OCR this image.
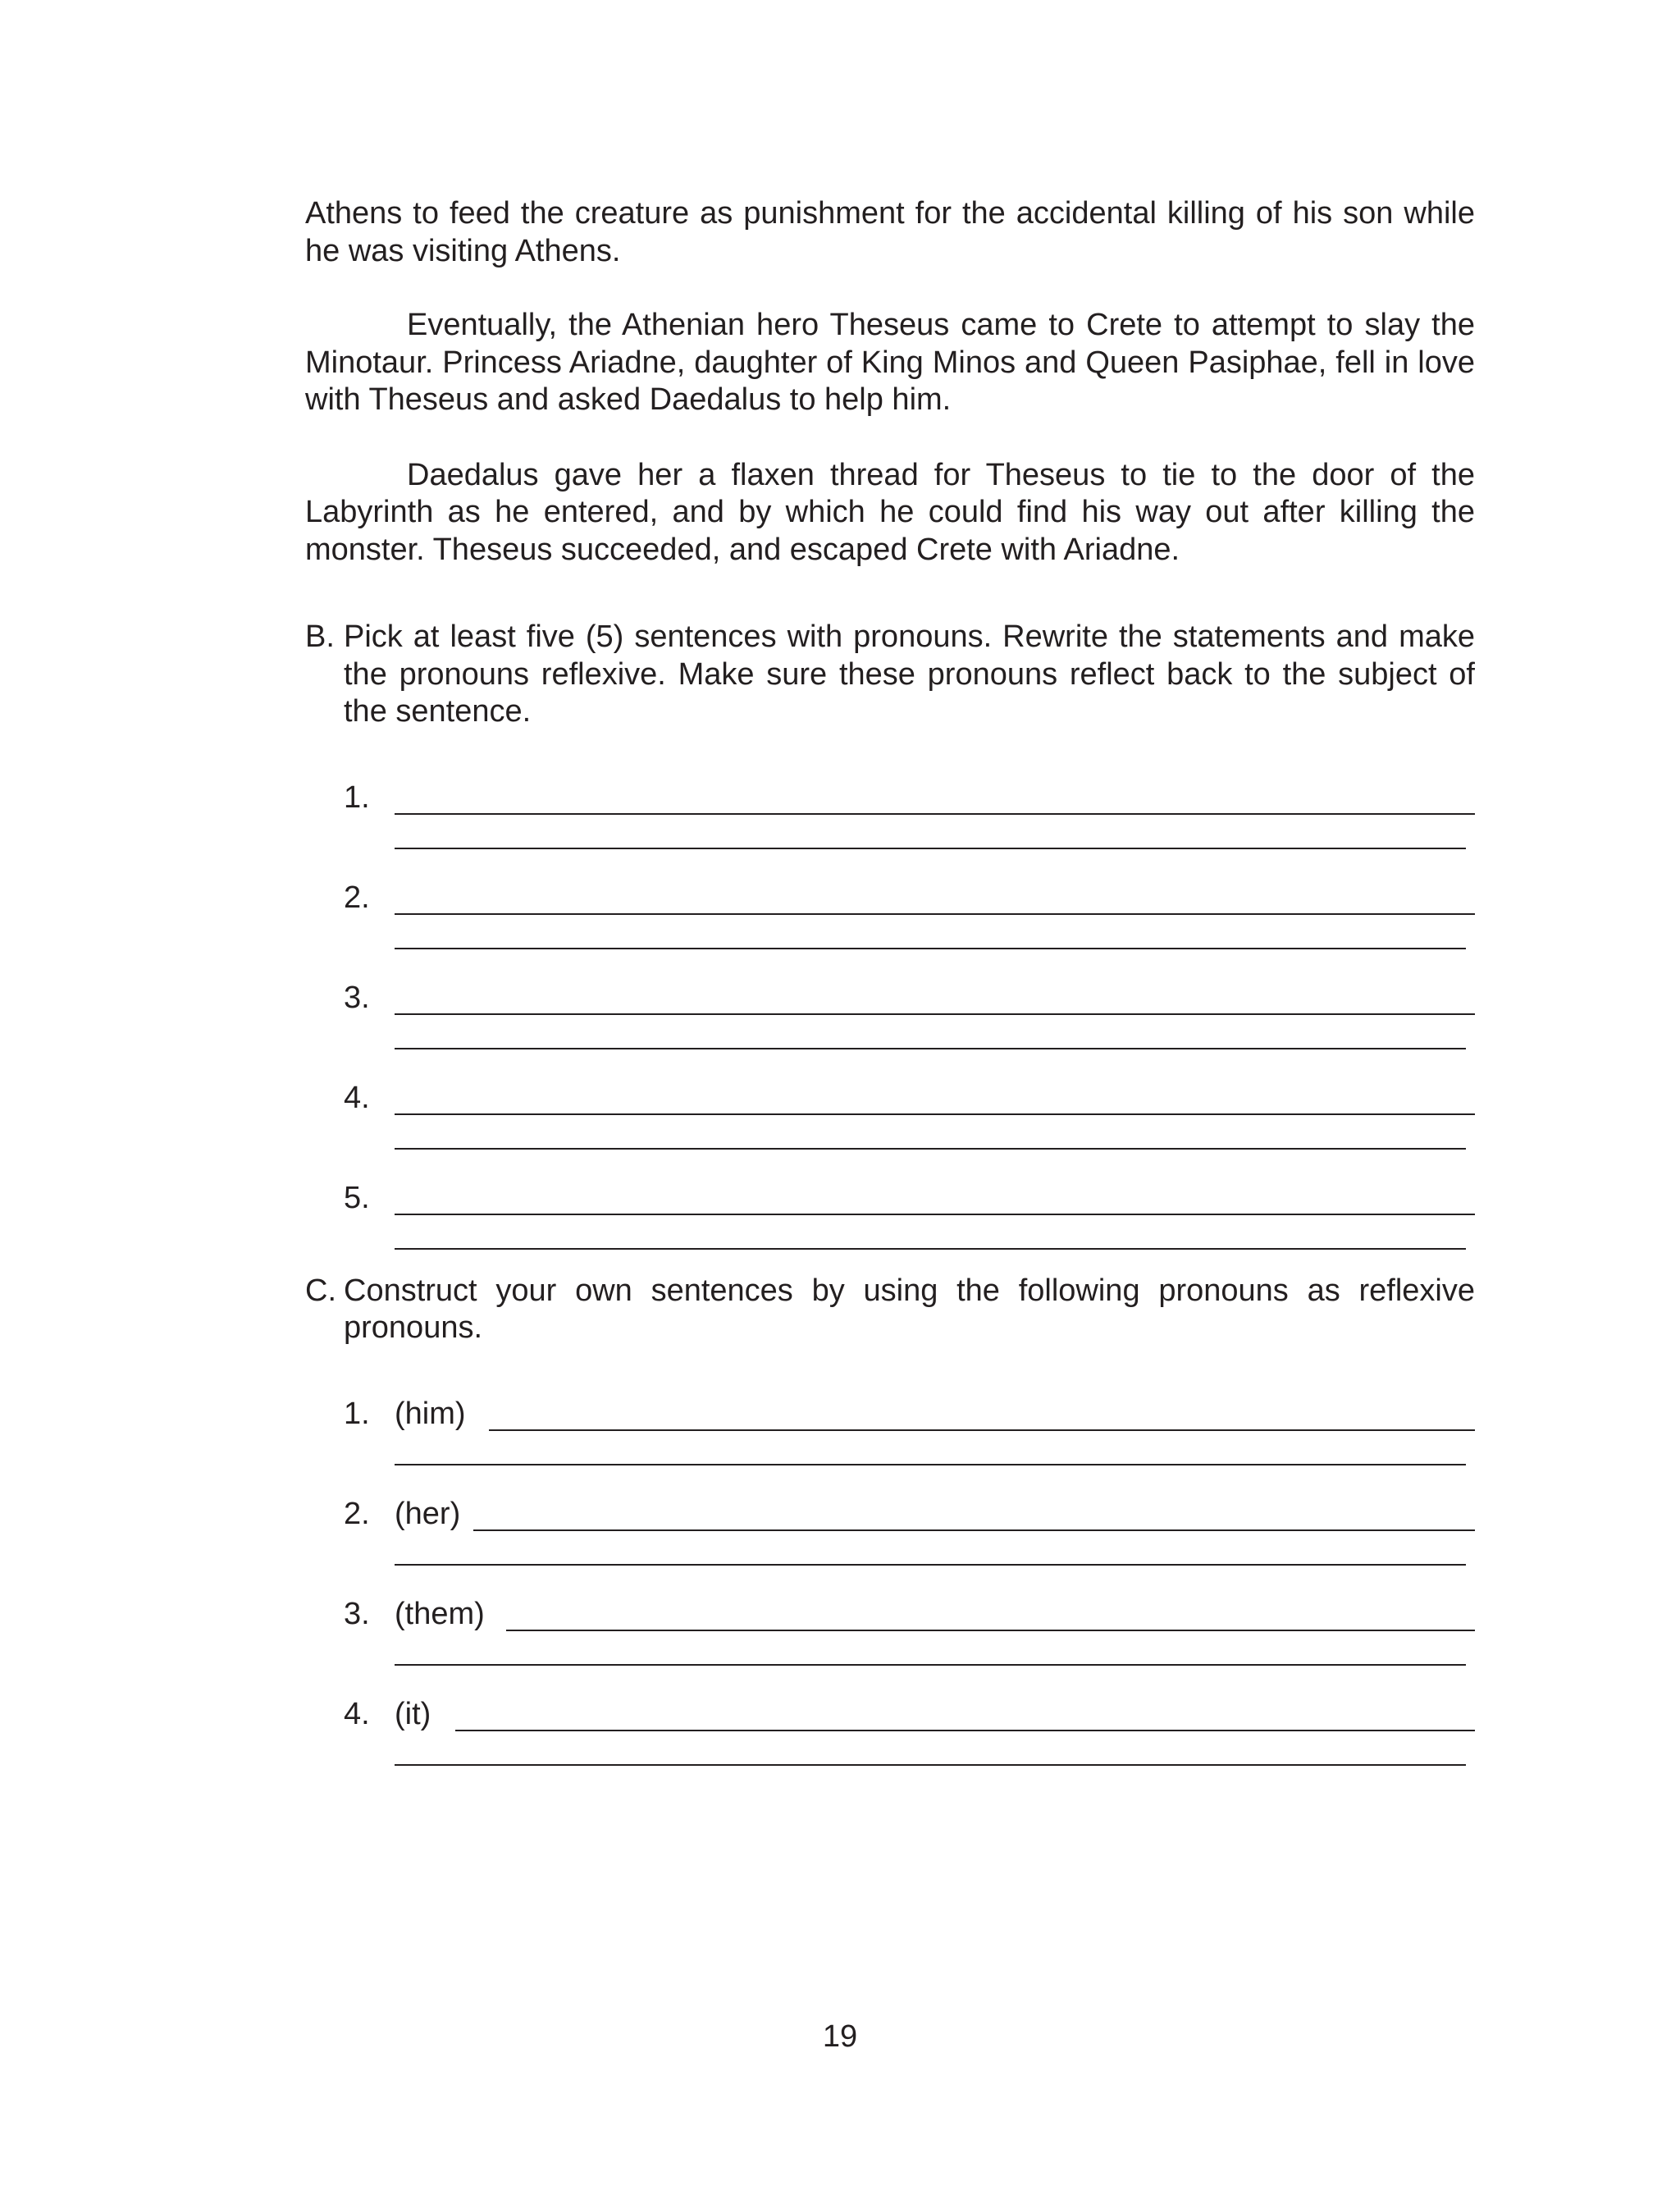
Athens to feed the creature as punishment for the accidental killing of his son while he was visiting Athens.

Eventually, the Athenian hero Theseus came to Crete to attempt to slay the Minotaur. Princess Ariadne, daughter of King Minos and Queen Pasiphae, fell in love with Theseus and asked Daedalus to help him.

Daedalus gave her a flaxen thread for Theseus to tie to the door of the Labyrinth as he entered, and by which he could find his way out after killing the monster. Theseus succeeded, and escaped Crete with Ariadne.

B. Pick at least five (5) sentences with pronouns. Rewrite the statements and make the pronouns reflexive. Make sure these pronouns reflect back to the subject of the sentence.
1.
2.
3.
4.
5.
C. Construct your own sentences by using the following pronouns as reflexive pronouns.
1. (him)
2. (her)
3. (them)
4. (it)
19
